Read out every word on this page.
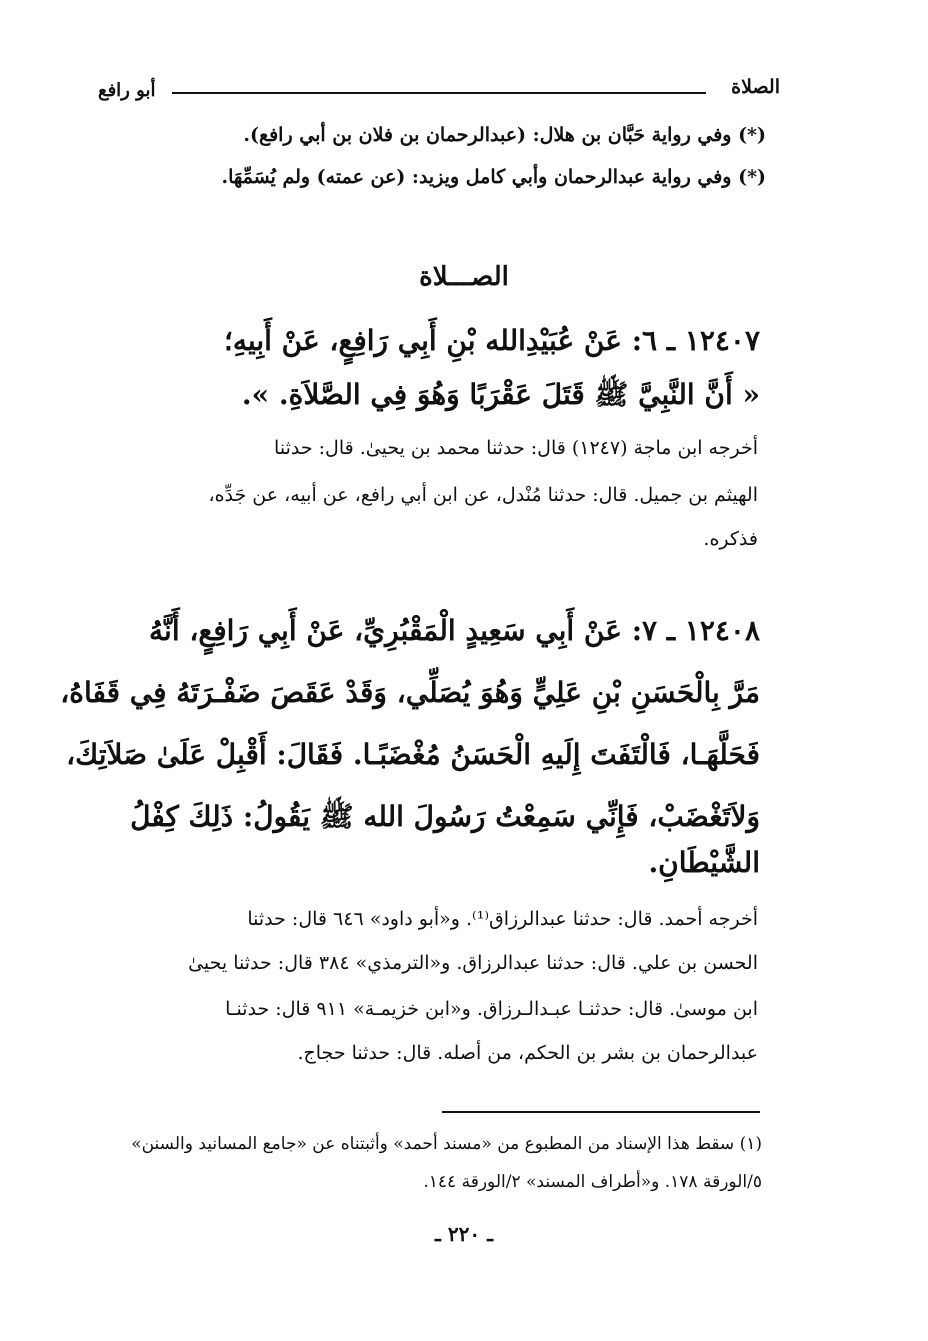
الصلاة
أبو رافع
(*) وفي رواية حَبَّان بن هلال: (عبدالرحمان بن فلان بن أبي رافع).
(*) وفي رواية عبدالرحمان وأبي كامل ويزيد: (عن عمته) ولم يُسَمِّهَا.
الصـــلاة
١٢٤٠٧ ـ ٦: عَنْ عُبَيْدِالله بْنِ أَبِي رَافِعٍ، عَنْ أَبِيهِ؛
« أَنَّ النَّبِيَّ ﷺ قَتَلَ عَقْرَبًا وَهُوَ فِي الصَّلاَةِ. ».
أخرجه ابن ماجة (١٢٤٧) قال: حدثنا محمد بن يحيىٰ. قال: حدثنا
الهيثم بن جميل. قال: حدثنا مُنْدل، عن ابن أبي رافع، عن أبيه، عن جَدِّه،
فذكره.
١٢٤٠٨ ـ ٧: عَنْ أَبِي سَعِيدٍ الْمَقْبُرِيِّ، عَنْ أَبِي رَافِعٍ، أَنَّهُ
مَرَّ بِالْحَسَنِ بْنِ عَلِيٍّ وَهُوَ يُصَلِّي، وَقَدْ عَقَصَ ضَفْـرَتَهُ فِي قَفَاهُ،
فَحَلَّهَـا، فَالْتَفَتَ إِلَيهِ الْحَسَنُ مُغْضَبًـا. فَقَالَ: أَقْبِلْ عَلَىٰ صَلاَتِكَ،
وَلاَتَغْضَبْ، فَإِنِّي سَمِعْتُ رَسُولَ الله ﷺ يَقُولُ: ذَلِكَ كِفْلُ
الشَّيْطَانِ.
أخرجه أحمد. قال: حدثنا عبدالرزاق⁽¹⁾. و«أبو داود» ٦٤٦ قال: حدثنا
الحسن بن علي. قال: حدثنا عبدالرزاق. و«الترمذي» ٣٨٤ قال: حدثنا يحيىٰ
ابن موسىٰ. قال: حدثنـا عبـدالـرزاق. و«ابن خزيمـة» ٩١١ قال: حدثنـا
عبدالرحمان بن بشر بن الحكم، من أصله. قال: حدثنا حجاج.
(١) سقط هذا الإسناد من المطبوع من «مسند أحمد» وأثبتناه عن «جامع المسانيد والسنن»
٥/الورقة ١٧٨. و«أطراف المسند» ٢/الورقة ١٤٤.
ـ ٢٢٠ ـ
